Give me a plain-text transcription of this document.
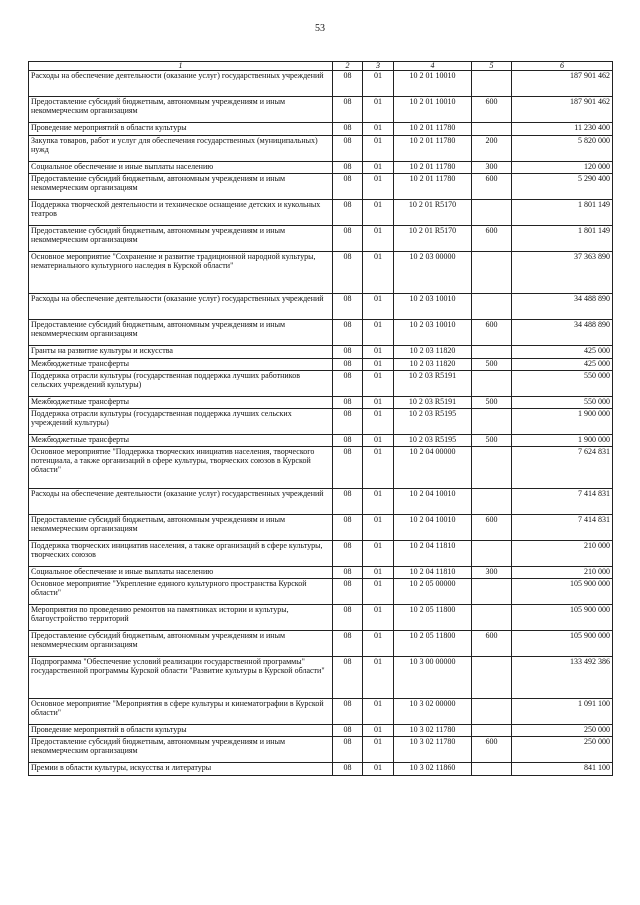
53
1	2	3	4	5	6
Расходы на обеспечение деятельности (оказание услуг) государственных учреждений	08	01	10 2 01 10010		187 901 462
Предоставление субсидий бюджетным, автономным учреждениям и иным некоммерческим организациям	08	01	10 2 01 10010	600	187 901 462
Проведение мероприятий в области культуры	08	01	10 2 01 11780		11 230 400
Закупка товаров, работ и услуг для обеспечения государственных (муниципальных) нужд	08	01	10 2 01 11780	200	5 820 000
Социальное обеспечение и иные выплаты населению	08	01	10 2 01 11780	300	120 000
Предоставление субсидий бюджетным, автономным учреждениям и иным некоммерческим организациям	08	01	10 2 01 11780	600	5 290 400
Поддержка творческой деятельности и техническое оснащение детских и кукольных театров	08	01	10 2 01 R5170		1 801 149
Предоставление субсидий бюджетным, автономным учреждениям и иным некоммерческим организациям	08	01	10 2 01 R5170	600	1 801 149
Основное мероприятие "Сохранение и развитие традиционной народной культуры, нематериального культурного наследия в Курской области"	08	01	10 2 03 00000		37 363 890
Расходы на обеспечение деятельности (оказание услуг) государственных учреждений	08	01	10 2 03 10010		34 488 890
Предоставление субсидий бюджетным, автономным учреждениям и иным некоммерческим организациям	08	01	10 2 03 10010	600	34 488 890
Гранты на развитие культуры и искусства	08	01	10 2 03 11820		425 000
Межбюджетные трансферты	08	01	10 2 03 11820	500	425 000
Поддержка отрасли культуры (государственная поддержка лучших работников сельских учреждений культуры)	08	01	10 2 03 R5191		550 000
Межбюджетные трансферты	08	01	10 2 03 R5191	500	550 000
Поддержка отрасли культуры (государственная поддержка лучших сельских учреждений культуры)	08	01	10 2 03 R5195		1 900 000
Межбюджетные трансферты	08	01	10 2 03 R5195	500	1 900 000
Основное мероприятие "Поддержка творческих инициатив населения, творческого потенциала, а также организаций в сфере культуры, творческих союзов в Курской области"	08	01	10 2 04 00000		7 624 831
Расходы на обеспечение деятельности (оказание услуг) государственных учреждений	08	01	10 2 04 10010		7 414 831
Предоставление субсидий бюджетным, автономным учреждениям и иным некоммерческим организациям	08	01	10 2 04 10010	600	7 414 831
Поддержка творческих инициатив населения, а также организаций в сфере культуры, творческих союзов	08	01	10 2 04 11810		210 000
Социальное обеспечение и иные выплаты населению	08	01	10 2 04 11810	300	210 000
Основное мероприятие "Укрепление единого культурного пространства Курской области"	08	01	10 2 05 00000		105 900 000
Мероприятия по проведению ремонтов на памятниках истории и культуры, благоустройство территорий	08	01	10 2 05 11800		105 900 000
Предоставление субсидий бюджетным, автономным учреждениям и иным некоммерческим организациям	08	01	10 2 05 11800	600	105 900 000
Подпрограмма "Обеспечение условий реализации государственной программы" государственной программы Курской области "Развитие культуры в Курской области"	08	01	10 3 00 00000		133 492 386
Основное мероприятие "Мероприятия в сфере культуры и кинематографии в Курской области"	08	01	10 3 02 00000		1 091 100
Проведение мероприятий в области культуры	08	01	10 3 02 11780		250 000
Предоставление субсидий бюджетным, автономным учреждениям и иным некоммерческим организациям	08	01	10 3 02 11780	600	250 000
Премии в области культуры, искусства и литературы	08	01	10 3 02 11860		841 100
